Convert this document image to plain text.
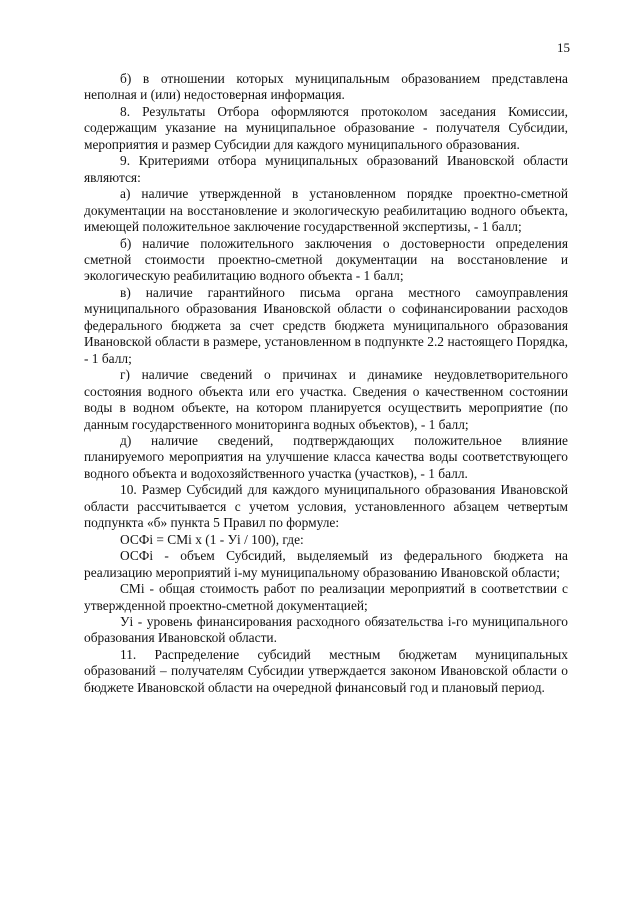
15

б) в отношении которых муниципальным образованием представлена неполная и (или) недостоверная информация.

8. Результаты Отбора оформляются протоколом заседания Комиссии, содержащим указание на муниципальное образование - получателя Субсидии, мероприятия и размер Субсидии для каждого муниципального образования.

9. Критериями отбора муниципальных образований Ивановской области являются:

а) наличие утвержденной в установленном порядке проектно-сметной документации на восстановление и экологическую реабилитацию водного объекта, имеющей положительное заключение государственной экспертизы, - 1 балл;

б) наличие положительного заключения о достоверности определения сметной стоимости проектно-сметной документации на восстановление и экологическую реабилитацию водного объекта - 1 балл;

в) наличие гарантийного письма органа местного самоуправления муниципального образования Ивановской области о софинансировании расходов федерального бюджета за счет средств бюджета муниципального образования Ивановской области в размере, установленном в подпункте 2.2 настоящего Порядка, - 1 балл;

г) наличие сведений о причинах и динамике неудовлетворительного состояния водного объекта или его участка. Сведения о качественном состоянии воды в водном объекте, на котором планируется осуществить мероприятие (по данным государственного мониторинга водных объектов), - 1 балл;

д) наличие сведений, подтверждающих положительное влияние планируемого мероприятия на улучшение класса качества воды соответствующего водного объекта и водохозяйственного участка (участков), - 1 балл.

10. Размер Субсидий для каждого муниципального образования Ивановской области рассчитывается с учетом условия, установленного абзацем четвертым подпункта «б» пункта 5 Правил по формуле:

ОСФi = СМi х (1 - Уi / 100), где:

ОСФi - объем Субсидий, выделяемый из федерального бюджета на реализацию мероприятий i-му муниципальному образованию Ивановской области;

СМi - общая стоимость работ по реализации мероприятий в соответствии с утвержденной проектно-сметной документацией;

Уi - уровень финансирования расходного обязательства i-го муниципального образования Ивановской области.

11. Распределение субсидий местным бюджетам муниципальных образований – получателям Субсидии утверждается законом Ивановской области о бюджете Ивановской области на очередной финансовый год и плановый период.
